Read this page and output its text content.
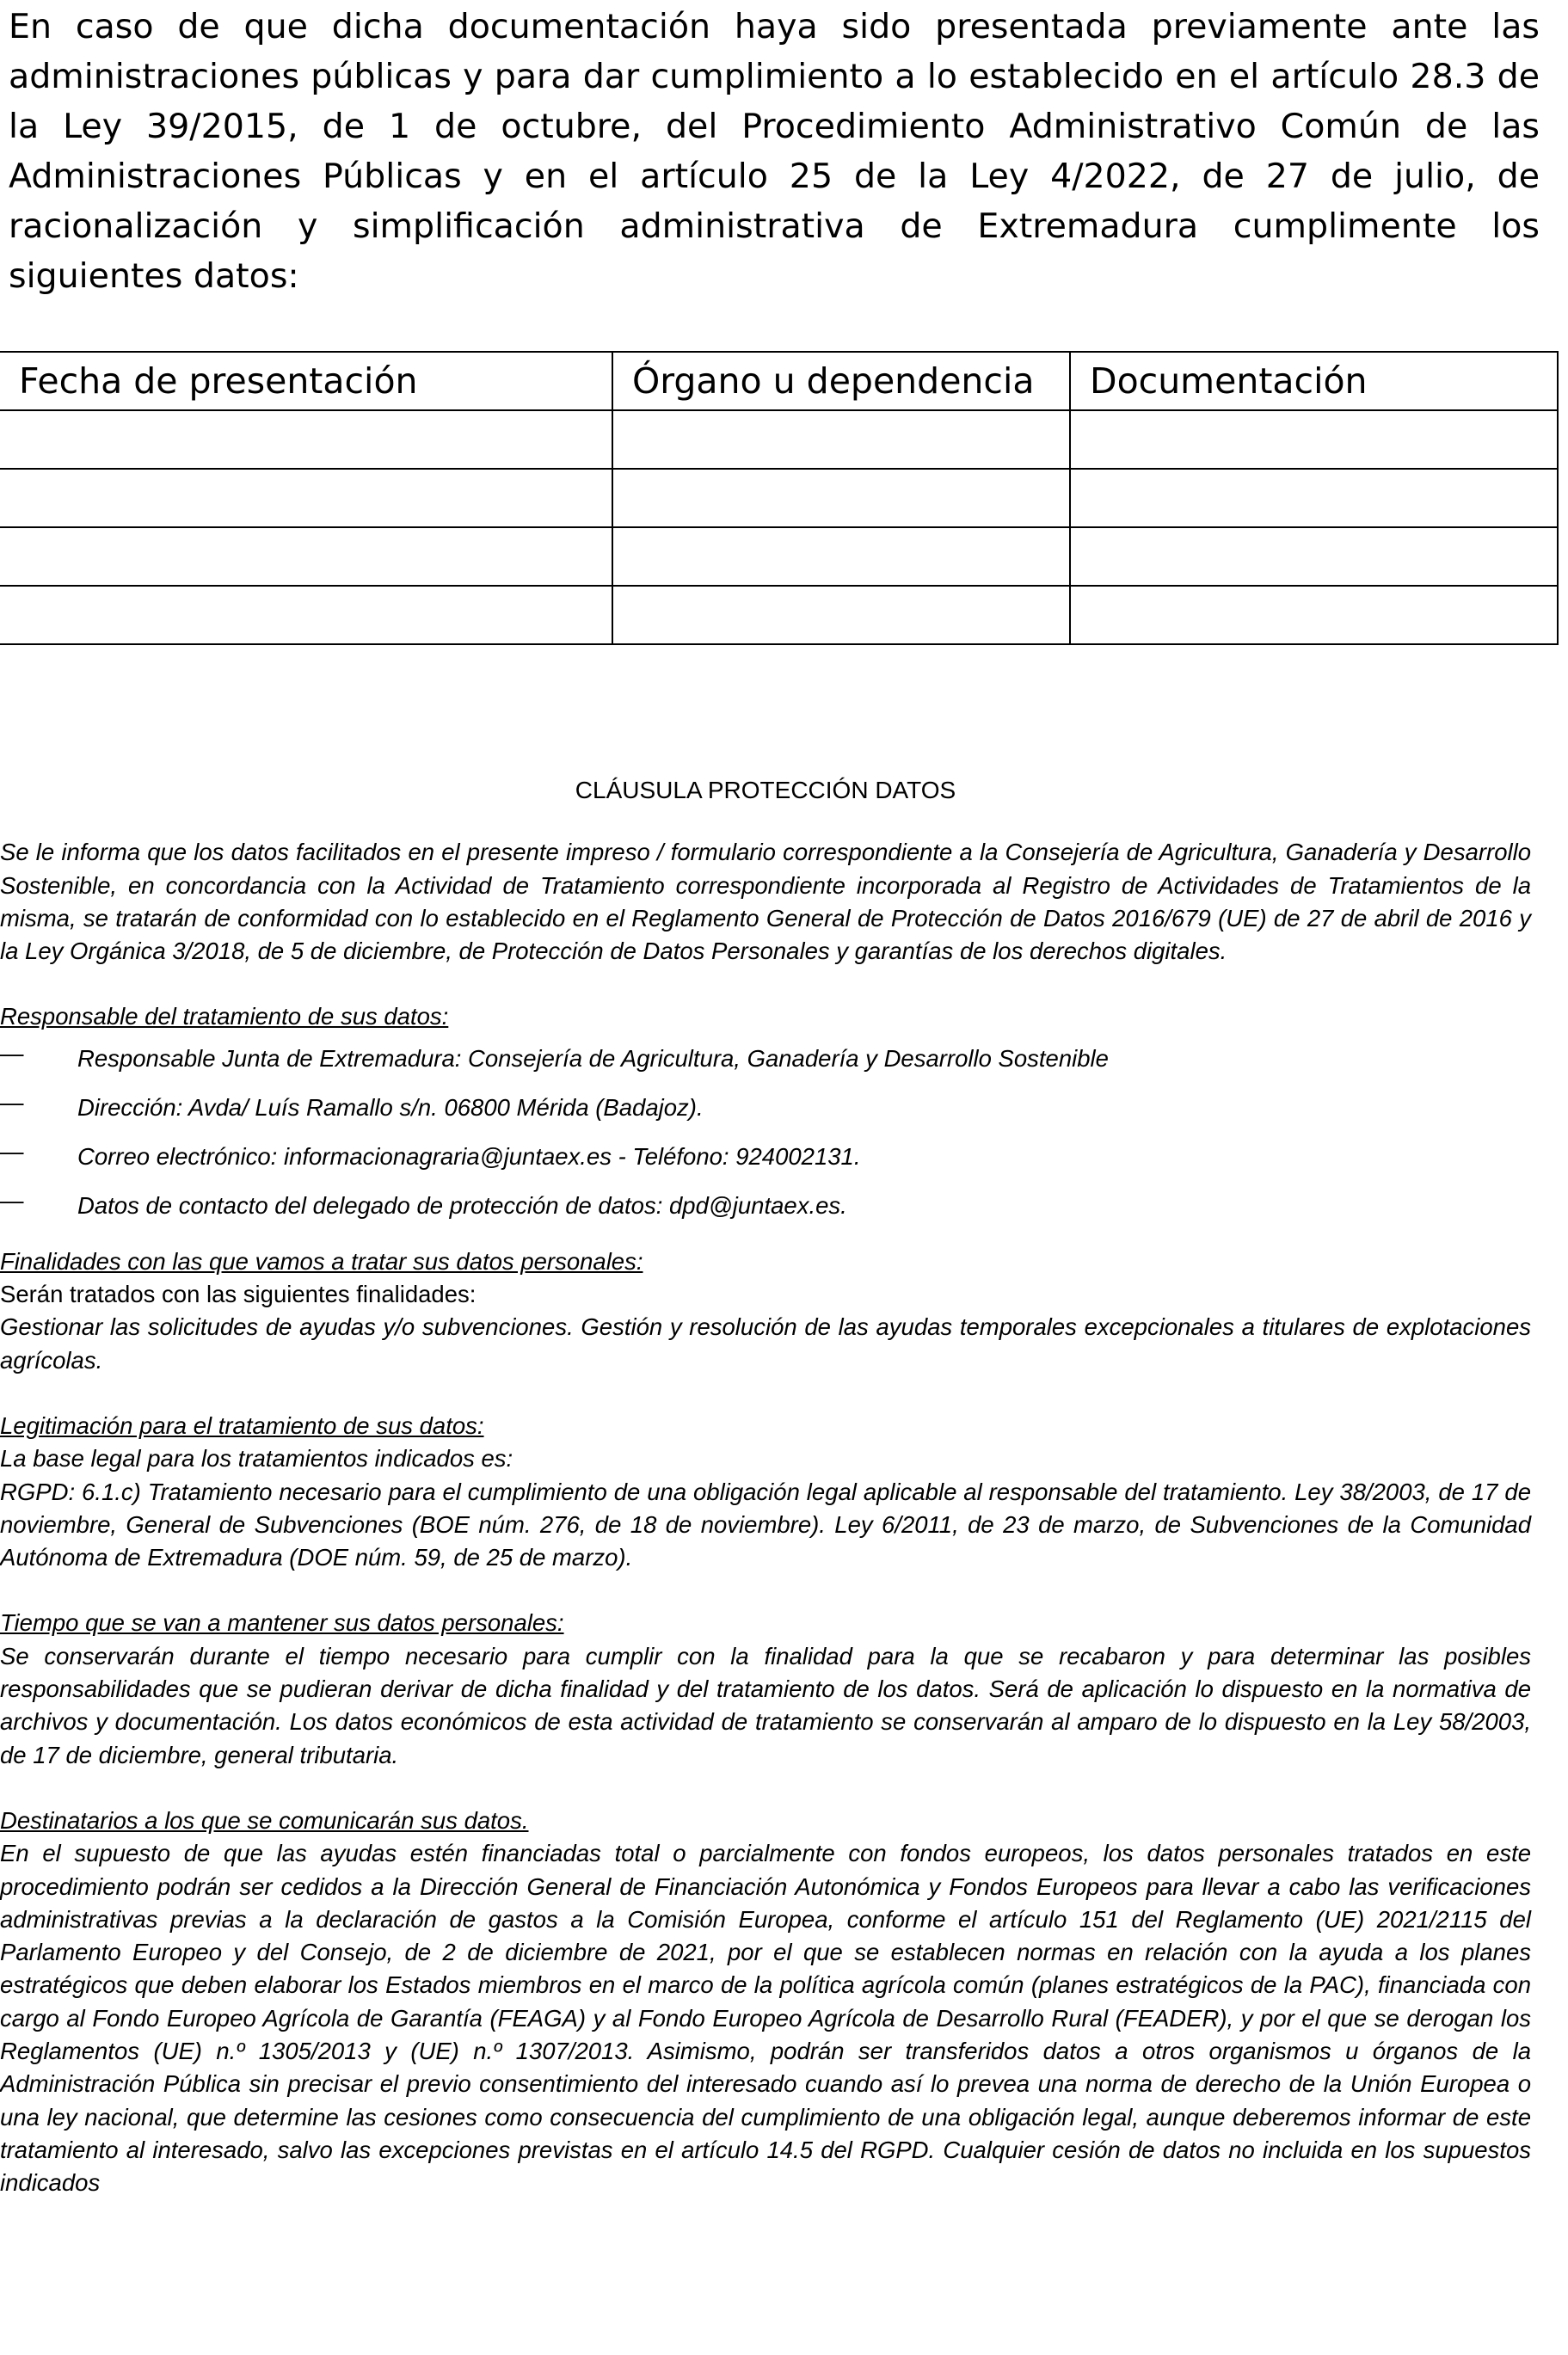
En caso de que dicha documentación haya sido presentada previamente ante las administraciones públicas y para dar cumplimiento a lo establecido en el artículo 28.3 de la Ley 39/2015, de 1 de octubre, del Procedimiento Administrativo Común de las Administraciones Públicas y en el artículo 25 de la Ley 4/2022, de 27 de julio, de racionalización y simplificación administrativa de Extremadura cumplimente los siguientes datos:

Fecha de presentación	Órgano u dependencia	Documentación

CLÁUSULA PROTECCIÓN DATOS

Se le informa que los datos facilitados en el presente impreso / formulario correspondiente a la Consejería de Agricultura, Ganadería y Desarrollo Sostenible, en concordancia con la Actividad de Tratamiento correspondiente incorporada al Registro de Actividades de Tratamientos de la misma, se tratarán de conformidad con lo establecido en el Reglamento General de Protección de Datos 2016/679 (UE) de 27 de abril de 2016 y la Ley Orgánica 3/2018, de 5 de diciembre, de Protección de Datos Personales y garantías de los derechos digitales.

Responsable del tratamiento de sus datos:

— Responsable Junta de Extremadura: Consejería de Agricultura, Ganadería y Desarrollo Sostenible
— Dirección: Avda/ Luís Ramallo s/n. 06800 Mérida (Badajoz).
— Correo electrónico: informacionagraria@juntaex.es - Teléfono: 924002131.
— Datos de contacto del delegado de protección de datos: dpd@juntaex.es.

Finalidades con las que vamos a tratar sus datos personales:

Serán tratados con las siguientes finalidades:

Gestionar las solicitudes de ayudas y/o subvenciones. Gestión y resolución de las ayudas temporales excepcionales a titulares de explotaciones agrícolas.

Legitimación para el tratamiento de sus datos:

La base legal para los tratamientos indicados es:

RGPD: 6.1.c) Tratamiento necesario para el cumplimiento de una obligación legal aplicable al responsable del tratamiento. Ley 38/2003, de 17 de noviembre, General de Subvenciones (BOE núm. 276, de 18 de noviembre). Ley 6/2011, de 23 de marzo, de Subvenciones de la Comunidad Autónoma de Extremadura (DOE núm. 59, de 25 de marzo).

Tiempo que se van a mantener sus datos personales:

Se conservarán durante el tiempo necesario para cumplir con la finalidad para la que se recabaron y para determinar las posibles responsabilidades que se pudieran derivar de dicha finalidad y del tratamiento de los datos. Será de aplicación lo dispuesto en la normativa de archivos y documentación. Los datos económicos de esta actividad de tratamiento se conservarán al amparo de lo dispuesto en la Ley 58/2003, de 17 de diciembre, general tributaria.

Destinatarios a los que se comunicarán sus datos.

En el supuesto de que las ayudas estén financiadas total o parcialmente con fondos europeos, los datos personales tratados en este procedimiento podrán ser cedidos a la Dirección General de Financiación Autonómica y Fondos Europeos para llevar a cabo las verificaciones administrativas previas a la declaración de gastos a la Comisión Europea, conforme el artículo 151 del Reglamento (UE) 2021/2115 del Parlamento Europeo y del Consejo, de 2 de diciembre de 2021, por el que se establecen normas en relación con la ayuda a los planes estratégicos que deben elaborar los Estados miembros en el marco de la política agrícola común (planes estratégicos de la PAC), financiada con cargo al Fondo Europeo Agrícola de Garantía (FEAGA) y al Fondo Europeo Agrícola de Desarrollo Rural (FEADER), y por el que se derogan los Reglamentos (UE) n.º 1305/2013 y (UE) n.º 1307/2013. Asimismo, podrán ser transferidos datos a otros organismos u órganos de la Administración Pública sin precisar el previo consentimiento del interesado cuando así lo prevea una norma de derecho de la Unión Europea o una ley nacional, que determine las cesiones como consecuencia del cumplimiento de una obligación legal, aunque deberemos informar de este tratamiento al interesado, salvo las excepciones previstas en el artículo 14.5 del RGPD. Cualquier cesión de datos no incluida en los supuestos indicados
